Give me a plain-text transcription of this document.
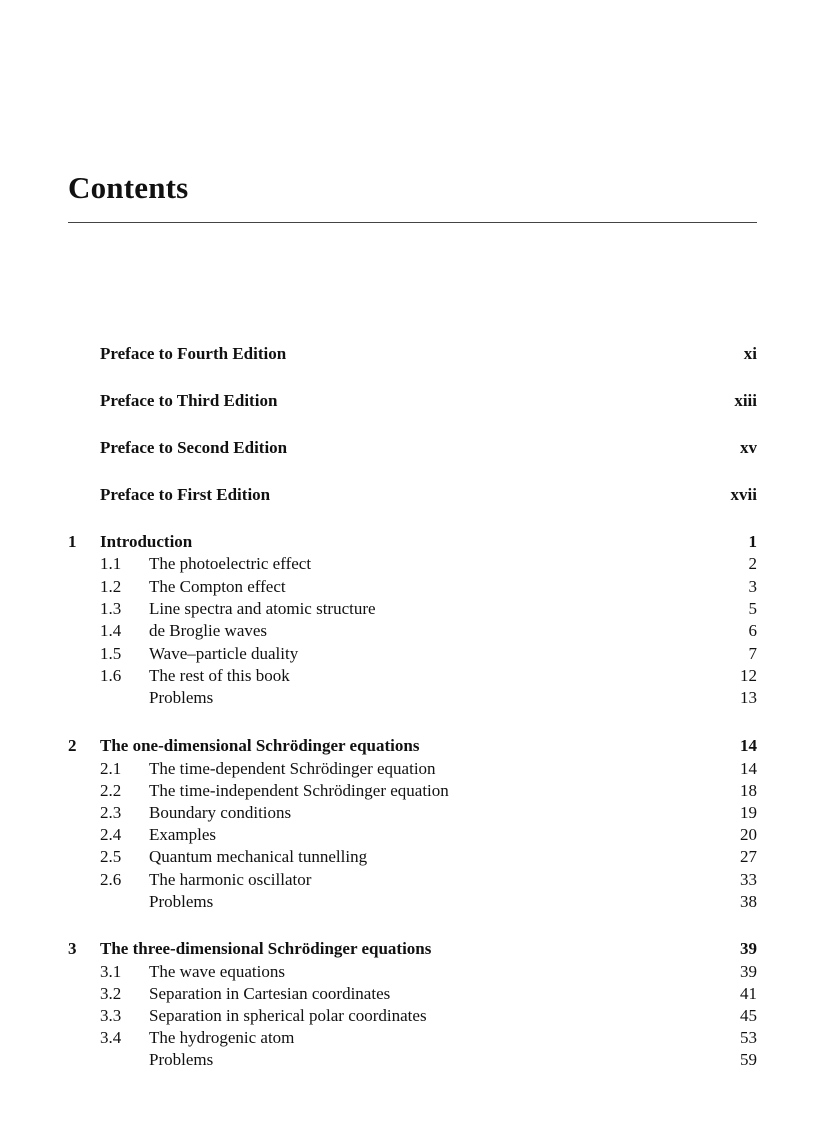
Contents
Preface to Fourth Edition	xi
Preface to Third Edition	xiii
Preface to Second Edition	xv
Preface to First Edition	xvii
1 Introduction	1
1.1 The photoelectric effect	2
1.2 The Compton effect	3
1.3 Line spectra and atomic structure	5
1.4 de Broglie waves	6
1.5 Wave–particle duality	7
1.6 The rest of this book	12
Problems	13
2 The one-dimensional Schrödinger equations	14
2.1 The time-dependent Schrödinger equation	14
2.2 The time-independent Schrödinger equation	18
2.3 Boundary conditions	19
2.4 Examples	20
2.5 Quantum mechanical tunnelling	27
2.6 The harmonic oscillator	33
Problems	38
3 The three-dimensional Schrödinger equations	39
3.1 The wave equations	39
3.2 Separation in Cartesian coordinates	41
3.3 Separation in spherical polar coordinates	45
3.4 The hydrogenic atom	53
Problems	59
